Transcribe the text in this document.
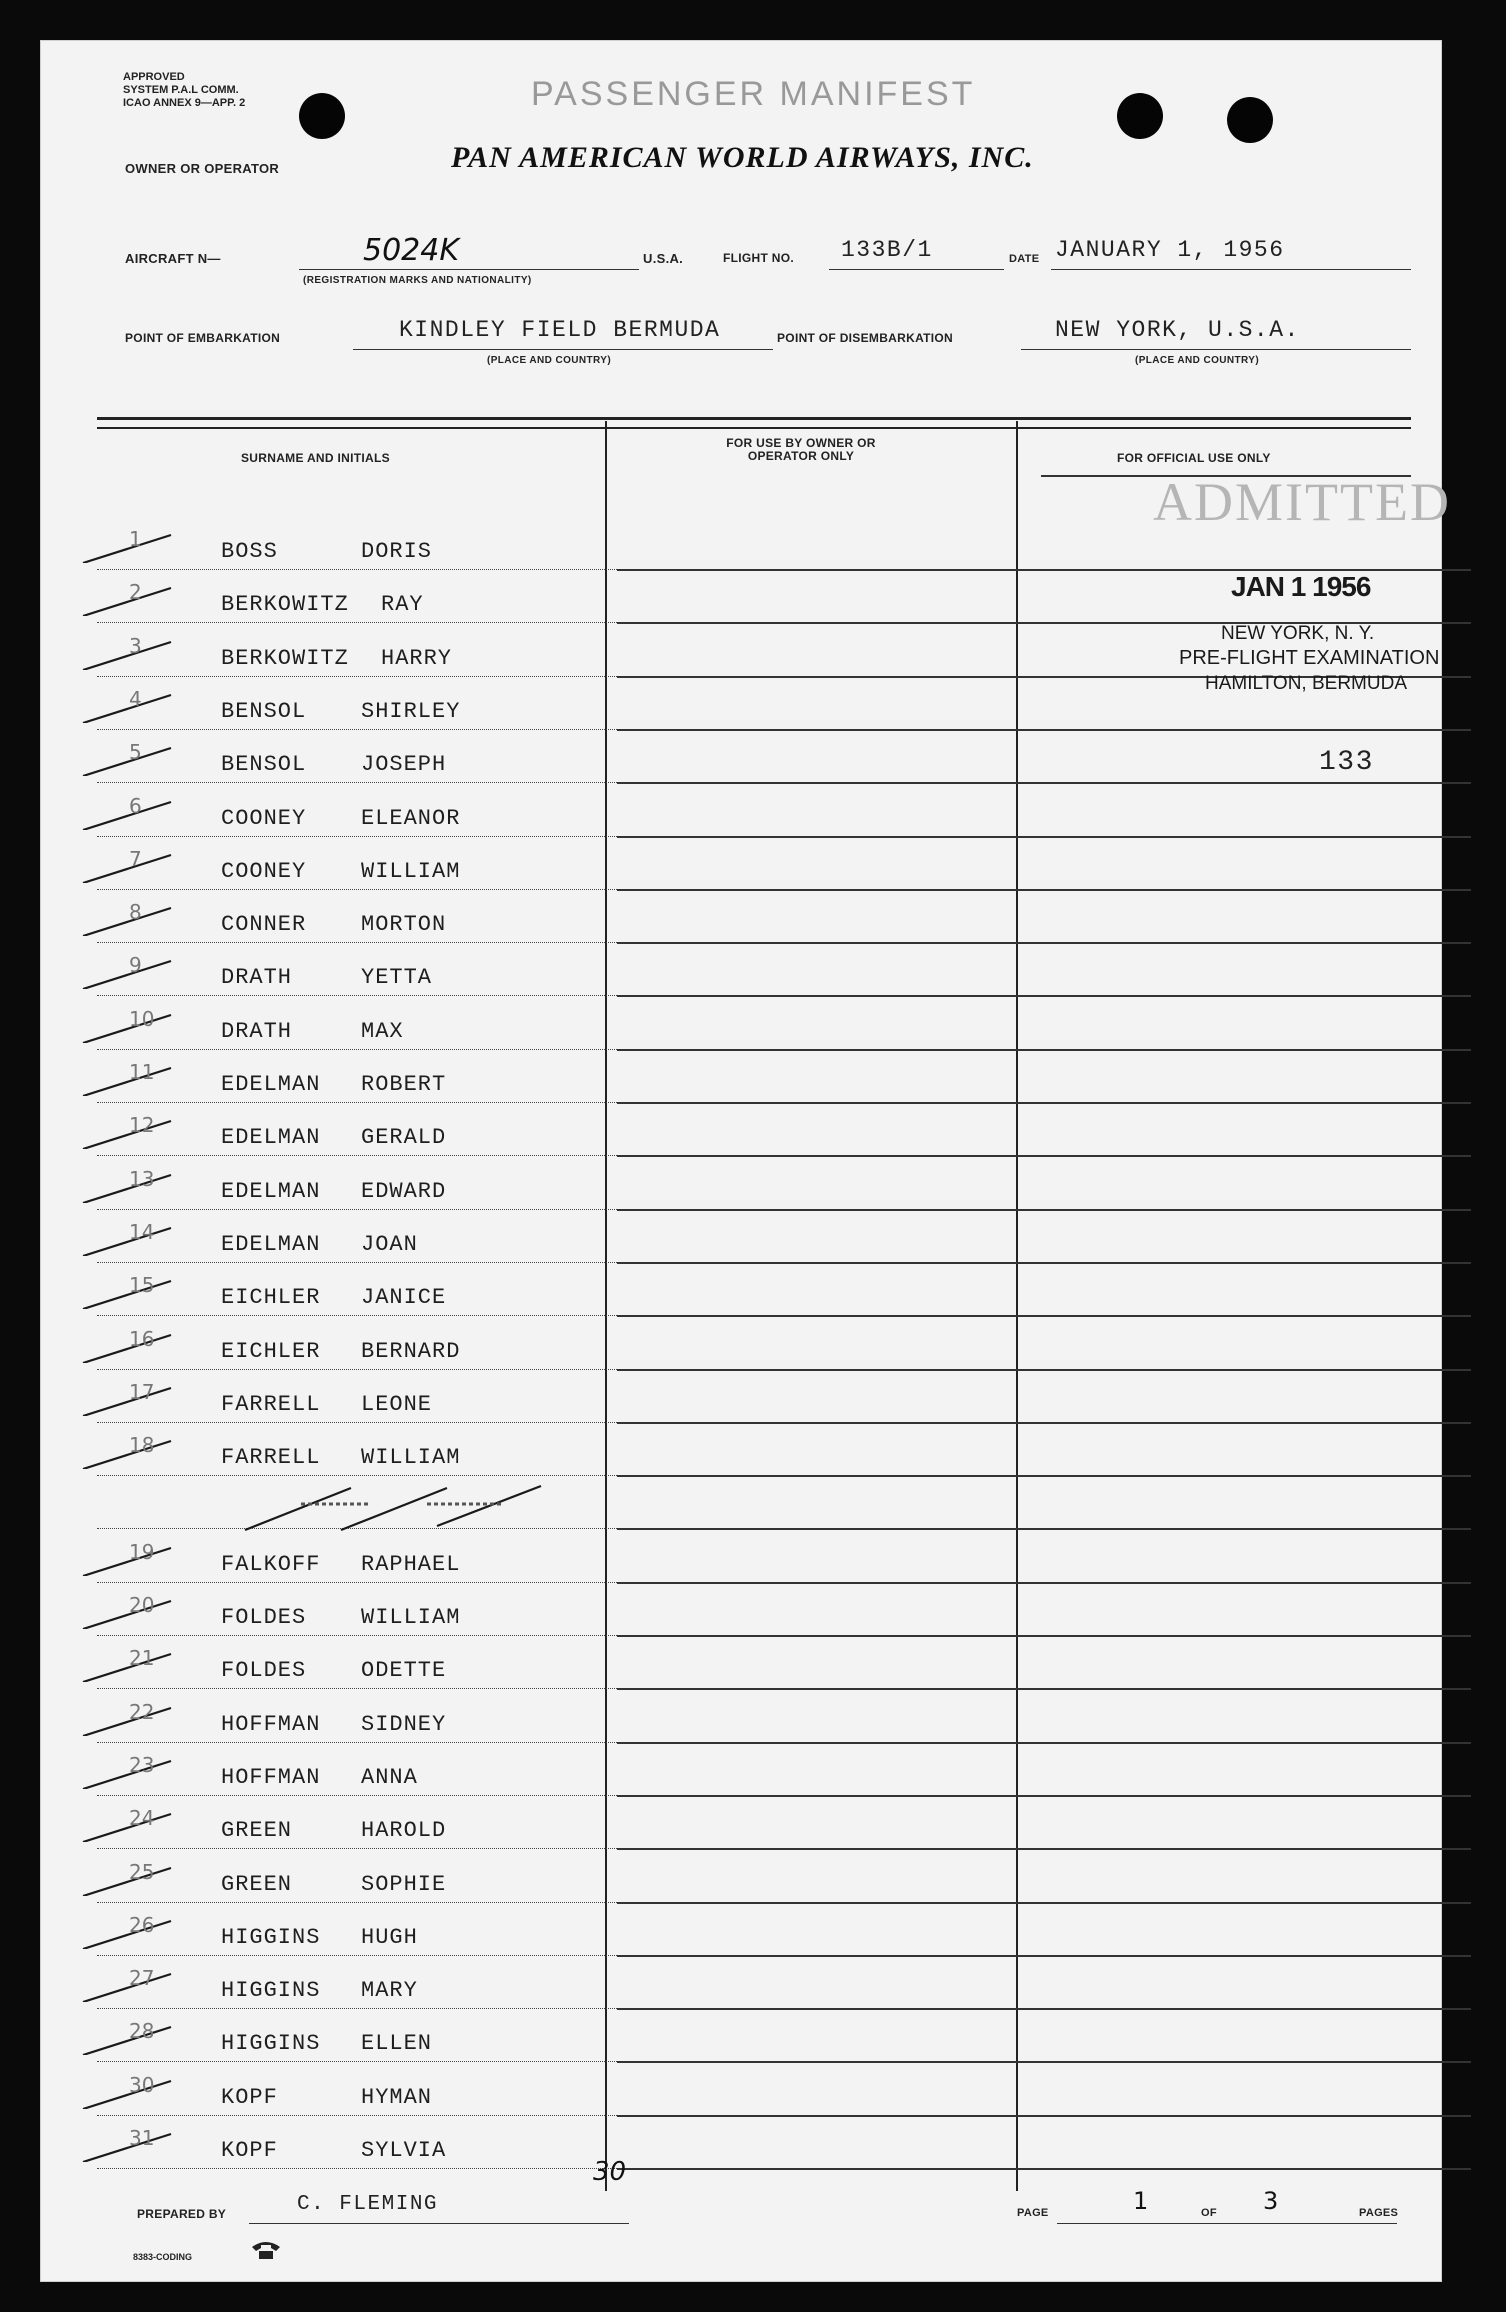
APPROVED
SYSTEM P.A.L COMM.
ICAO ANNEX 9—APP. 2	PASSENGER MANIFEST
PAN AMERICAN WORLD AIRWAYS, INC.
OWNER OR OPERATOR
AIRCRAFT N—	5024K
(REGISTRATION MARKS AND NATIONALITY)
U.S.A.	FLIGHT NO. 133B/1	DATE JANUARY 1, 1956
POINT OF EMBARKATION	KINDLEY FIELD BERMUDA
(PLACE AND COUNTRY)
POINT OF DISEMBARKATION	NEW YORK, U.S.A.
(PLACE AND COUNTRY)
SURNAME AND INITIALS
FOR USE BY OWNER OR OPERATOR ONLY	FOR OFFICIAL USE ONLY
1	BOSS	DORIS
2	BERKOWITZ RAY
3	BERKOWITZ HARRY
4	BENSOL SHIRLEY
5	BENSOL JOSEPH
6	COONEY ELEANOR
7	COONEY WILLIAM
8	CONNER MORTON
9	DRATH	YETTA
10	DRATH	MAX
11	EDELMAN ROBERT
12	EDELMAN GERALD
13	EDELMAN EDWARD
14	EDELMAN JOAN
15	EICHLER JANICE
16	EICHLER BERNARD
17	FARRELL LEONE
18	FARRELL WILLIAM
19	FALKOFF RAPHAEL
20	FOLDES WILLIAM
21	FOLDES ODETTE
22	HOFFMAN SIDNEY
23	HOFFMAN ANNA
24	GREEN	HAROLD
25	GREEN	SOPHIE
26	HIGGINS HUGH
27	HIGGINS MARY
28	HIGGINS ELLEN
30	KOPF	HYMAN
31	KOPF	SYLVIA
ADMITTED
JAN 1 1956
NEW YORK, N. Y.
PRE-FLIGHT EXAMINATION
HAMILTON, BERMUDA
133
30
PREPARED BY	C. FLEMING	PAGE	1	OF 3	PAGES
8383-CODING
